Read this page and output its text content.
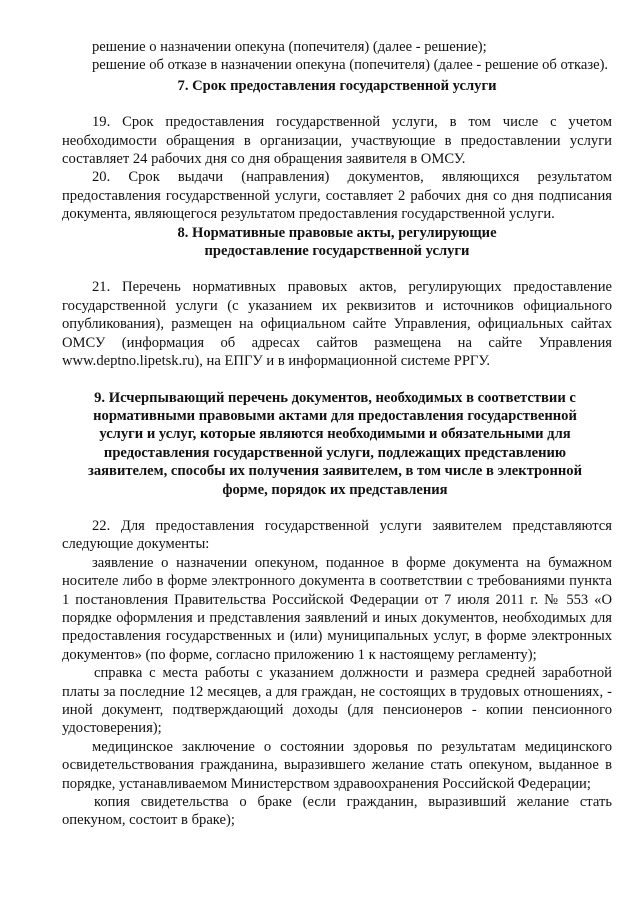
решение о назначении опекуна (попечителя) (далее - решение);

решение об отказе в назначении опекуна (попечителя) (далее - решение об отказе).

7. Срок предоставления государственной услуги

19. Срок предоставления государственной услуги, в том числе с учетом необходимости обращения в организации, участвующие в предоставлении услуги составляет 24 рабочих дня со дня обращения заявителя в ОМСУ.

20. Срок выдачи (направления) документов, являющихся результатом предоставления государственной услуги, составляет 2 рабочих дня со дня подписания документа, являющегося результатом предоставления государственной услуги.

8. Нормативные правовые акты, регулирующие

предоставление государственной услуги

21. Перечень нормативных правовых актов, регулирующих предоставление государственной услуги (с указанием их реквизитов и источников официального опубликования), размещен на официальном сайте Управления, официальных сайтах ОМСУ (информация об адресах сайтов размещена на сайте Управления www.deptno.lipetsk.ru), на ЕПГУ и в информационной системе РРГУ.

9. Исчерпывающий перечень документов, необходимых в соответствии с нормативными правовыми актами для предоставления государственной услуги и услуг, которые являются необходимыми и обязательными для предоставления государственной услуги, подлежащих представлению заявителем, способы их получения заявителем, в том числе в электронной форме, порядок их представления

22. Для предоставления государственной услуги заявителем представляются следующие документы:

заявление о назначении опекуном, поданное в форме документа на бумажном носителе либо в форме электронного документа в соответствии с требованиями пункта 1 постановления Правительства Российской Федерации от 7 июля 2011 г. № 553 «О порядке оформления и представления заявлений и иных документов, необходимых для предоставления государственных и (или) муниципальных услуг, в форме электронных документов» (по форме, согласно приложению 1 к настоящему регламенту);

справка с места работы с указанием должности и размера средней заработной платы за последние 12 месяцев, а для граждан, не состоящих в трудовых отношениях, - иной документ, подтверждающий доходы (для пенсионеров - копии пенсионного удостоверения);

медицинское заключение о состоянии здоровья по результатам медицинского освидетельствования гражданина, выразившего желание стать опекуном, выданное в порядке, устанавливаемом Министерством здравоохранения Российской Федерации;

копия свидетельства о браке (если гражданин, выразивший желание стать опекуном, состоит в браке);
